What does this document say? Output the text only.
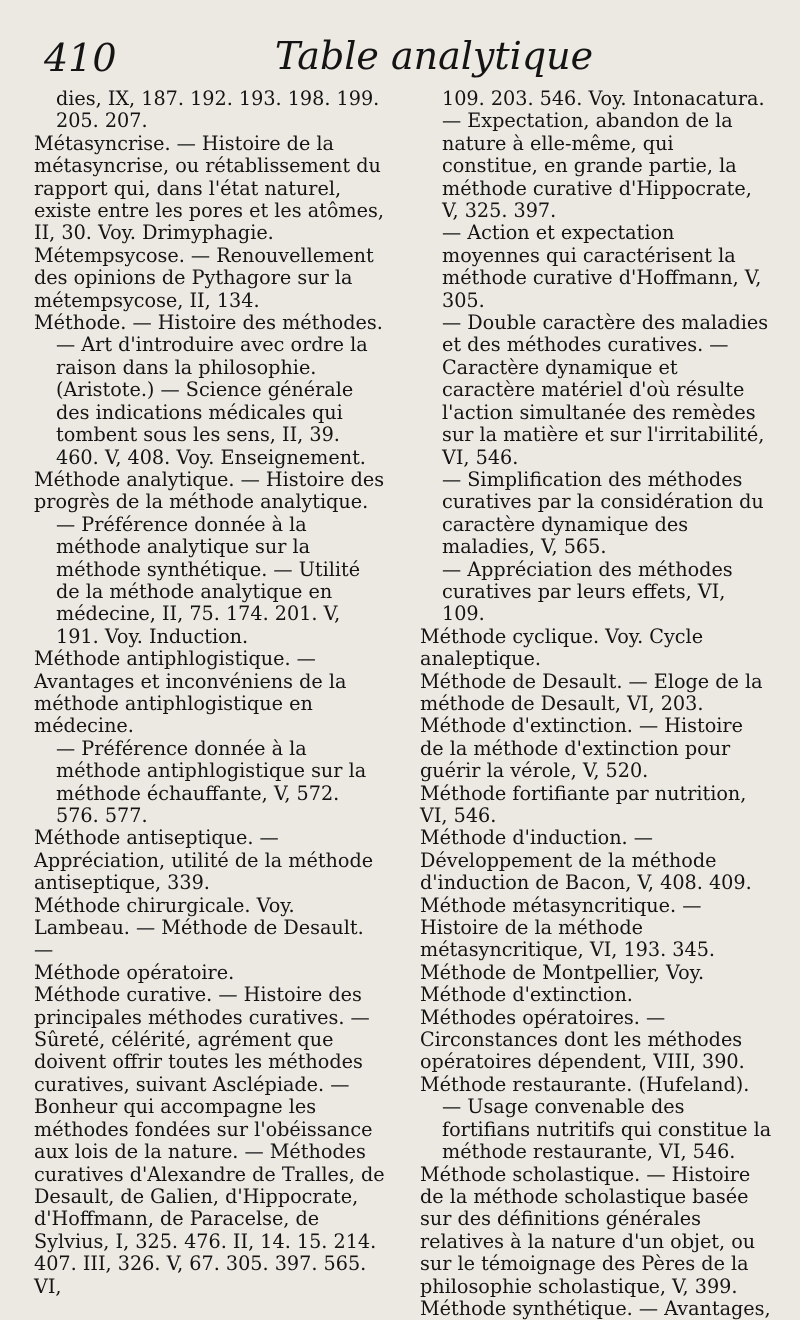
410	Table analytique

dies, IX, 187. 192. 193. 198. 199. 205. 207.

Métasyncrise. — Histoire de la métasyncrise, ou rétablissement du rapport qui, dans l'état naturel, existe entre les pores et les atômes, II, 30. Voy. Drimyphagie.

Métempsycose. — Renouvellement des opinions de Pythagore sur la métempsycose, II, 134.

Méthode. — Histoire des méthodes.

— Art d'introduire avec ordre la raison dans la philosophie. (Aristote.) — Science générale des indications médicales qui tombent sous les sens, II, 39. 460. V, 408. Voy. Enseignement.

Méthode analytique. — Histoire des progrès de la méthode analytique.

— Préférence donnée à la méthode analytique sur la méthode synthétique. — Utilité de la méthode analytique en médecine, II, 75. 174. 201. V, 191. Voy. Induction.

Méthode antiphlogistique. — Avantages et inconvéniens de la méthode antiphlogistique en médecine.

— Préférence donnée à la méthode antiphlogistique sur la méthode échauffante, V, 572. 576. 577.

Méthode antiseptique. — Appréciation, utilité de la méthode antiseptique, 339.

Méthode chirurgicale. Voy. Lambeau. — Méthode de Desault. —

Méthode opératoire.

Méthode curative. — Histoire des principales méthodes curatives. — Sûreté, célérité, agrément que doivent offrir toutes les méthodes curatives, suivant Asclépiade. — Bonheur qui accompagne les méthodes fondées sur l'obéissance aux lois de la nature. — Méthodes curatives d'Alexandre de Tralles, de Desault, de Galien, d'Hippocrate, d'Hoffmann, de Paracelse, de Sylvius, I, 325. 476. II, 14. 15. 214. 407. III, 326. V, 67. 305. 397. 565. VI,

109. 203. 546. Voy. Intonacatura.

— Expectation, abandon de la nature à elle-même, qui constitue, en grande partie, la méthode curative d'Hippocrate, V, 325. 397.

— Action et expectation moyennes qui caractérisent la méthode curative d'Hoffmann, V, 305.

— Double caractère des maladies et des méthodes curatives. — Caractère dynamique et caractère matériel d'où résulte l'action simultanée des remèdes sur la matière et sur l'irritabilité, VI, 546.

— Simplification des méthodes curatives par la considération du caractère dynamique des maladies, V, 565.

— Appréciation des méthodes curatives par leurs effets, VI, 109.

Méthode cyclique. Voy. Cycle analeptique.

Méthode de Desault. — Eloge de la méthode de Desault, VI, 203.

Méthode d'extinction. — Histoire de la méthode d'extinction pour guérir la vérole, V, 520.

Méthode fortifiante par nutrition, VI, 546.

Méthode d'induction. — Développement de la méthode d'induction de Bacon, V, 408. 409.

Méthode métasyncritique. — Histoire de la méthode métasyncritique, VI, 193. 345.

Méthode de Montpellier, Voy. Méthode d'extinction.

Méthodes opératoires. — Circonstances dont les méthodes opératoires dépendent, VIII, 390.

Méthode restaurante. (Hufeland).

— Usage convenable des fortifians nutritifs qui constitue la méthode restaurante, VI, 546.

Méthode scholastique. — Histoire de la méthode scholastique basée sur des définitions générales relatives à la nature d'un objet, ou sur le témoignage des Pères de la philosophie scholastique, V, 399.

Méthode synthétique. — Avantages,
